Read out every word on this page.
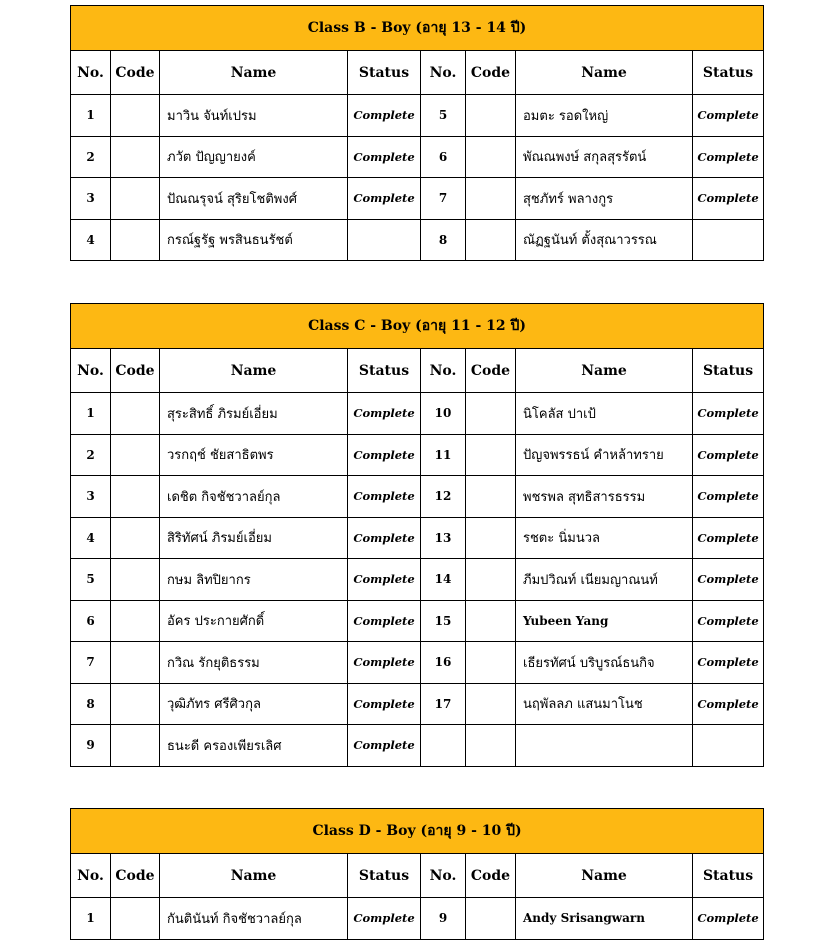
Class B - Boy (อายุ 13 - 14 ปี)							
No.	Code	Name	Status	No.	Code	Name	Status
1		มาวิน จันท์เปรม	Complete	5		อมตะ รอดใหญ่	Complete
2		ภวัต ปัญญายงค์	Complete	6		พัณณพงษ์ สกุลสุรรัตน์	Complete
3		ปัณณรุจน์ สุริยโชติพงศ์	Complete	7		สุชภัทร์ พลางกูร	Complete
4		กรณ์ฐรัฐ พรสินธนรัชต์		8		ณัฏฐนันท์ ตั้งสุณาวรรณ	
Class C - Boy (อายุ 11 - 12 ปี)							
No.	Code	Name	Status	No.	Code	Name	Status
1		สุระสิทธิ์ ภิรมย์เอี่ยม	Complete	10		นิโคลัส ปาเป้	Complete
2		วรกฤช์ ชัยสาธิตพร	Complete	11		ปัญจพรรธน์ คำหล้าทราย	Complete
3		เดชิต กิจชัชวาลย์กุล	Complete	12		พชรพล สุทธิสารธรรม	Complete
4		สิริทัศน์ ภิรมย์เอี่ยม	Complete	13		รชตะ นิ่มนวล	Complete
5		กษม ลิทปิยากร	Complete	14		ภีมปวิณท์ เนียมญาณนท์	Complete
6		อัคร ประกายศักดิ์	Complete	15		Yubeen Yang	Complete
7		กวิณ รักยุติธรรม	Complete	16		เธียรทัศน์ บริบูรณ์ธนกิจ	Complete
8		วุฒิภัทร ศรีศิวกุล	Complete	17		นฤพัลลภ แสนมาโนช	Complete
9		ธนะดี ครองเพียรเลิศ	Complete				
Class D - Boy (อายุ 9 - 10 ปี)							
No.	Code	Name	Status	No.	Code	Name	Status
1		กันตินันท์ กิจชัชวาลย์กุล	Complete	9		Andy Srisangwarn	Complete
